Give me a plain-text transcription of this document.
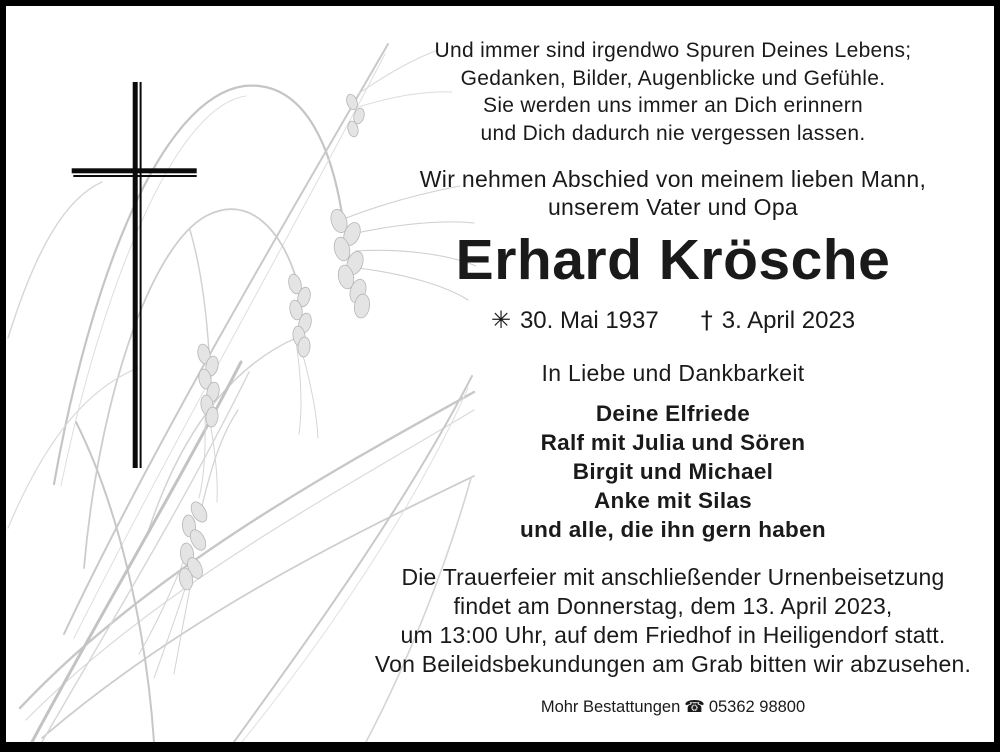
Und immer sind irgendwo Spuren Deines Lebens;
Gedanken, Bilder, Augenblicke und Gefühle.
Sie werden uns immer an Dich erinnern
und Dich dadurch nie vergessen lassen.
Wir nehmen Abschied von meinem lieben Mann,
unserem Vater und Opa
Erhard Krösche
✳ 30. Mai 1937 † 3. April 2023
In Liebe und Dankbarkeit
Deine Elfriede
Ralf mit Julia und Sören
Birgit und Michael
Anke mit Silas
und alle, die ihn gern haben
Die Trauerfeier mit anschließender Urnenbeisetzung
findet am Donnerstag, dem 13. April 2023,
um 13:00 Uhr, auf dem Friedhof in Heiligendorf statt.
Von Beileidsbekundungen am Grab bitten wir abzusehen.
Mohr Bestattungen ☎ 05362 98800
